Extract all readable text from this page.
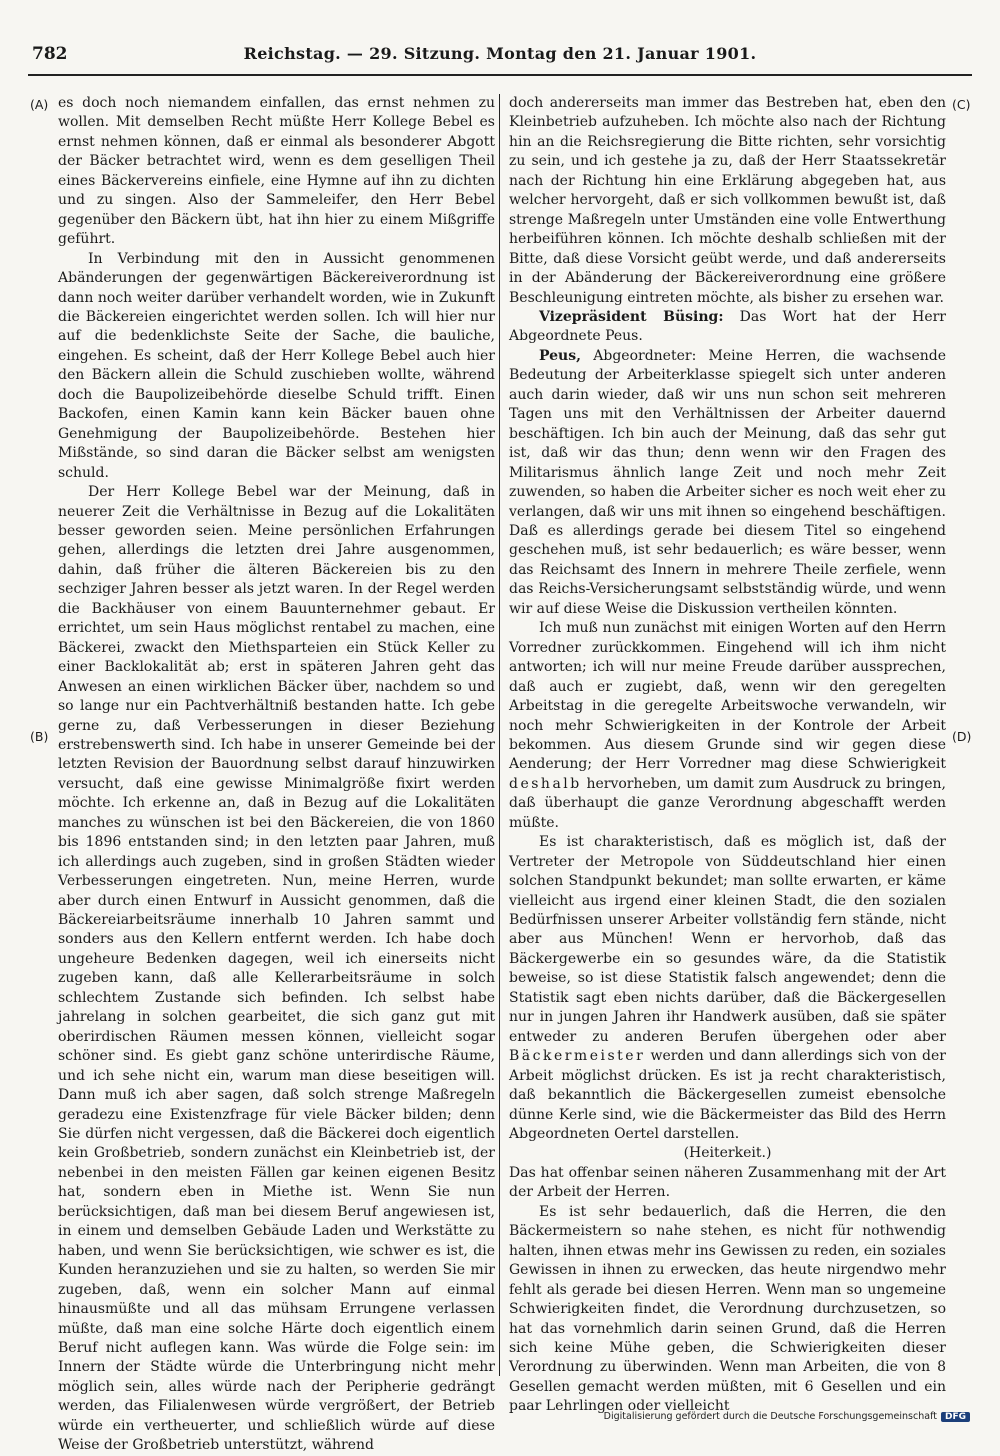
782	Reichstag. — 29. Sitzung. Montag den 21. Januar 1901.
(A)
(B)
(C)
(D)

es doch noch niemandem einfallen, das ernst nehmen zu wollen. Mit demselben Recht müßte Herr Kollege Bebel es ernst nehmen können, daß er einmal als besonderer Abgott der Bäcker betrachtet wird, wenn es dem geselligen Theil eines Bäckervereins einfiele, eine Hymne auf ihn zu dichten und zu singen. Also der Sammeleifer, den Herr Bebel gegenüber den Bäckern übt, hat ihn hier zu einem Mißgriffe geführt.

In Verbindung mit den in Aussicht genommenen Abänderungen der gegenwärtigen Bäckereiverordnung ist dann noch weiter darüber verhandelt worden, wie in Zukunft die Bäckereien eingerichtet werden sollen. Ich will hier nur auf die bedenklichste Seite der Sache, die bauliche, eingehen. Es scheint, daß der Herr Kollege Bebel auch hier den Bäckern allein die Schuld zuschieben wollte, während doch die Baupolizeibehörde dieselbe Schuld trifft. Einen Backofen, einen Kamin kann kein Bäcker bauen ohne Genehmigung der Baupolizeibehörde. Bestehen hier Mißstände, so sind daran die Bäcker selbst am wenigsten schuld.

Der Herr Kollege Bebel war der Meinung, daß in neuerer Zeit die Verhältnisse in Bezug auf die Lokalitäten besser geworden seien. Meine persönlichen Erfahrungen gehen, allerdings die letzten drei Jahre ausgenommen, dahin, daß früher die älteren Bäckereien bis zu den sechziger Jahren besser als jetzt waren. In der Regel werden die Backhäuser von einem Bauunternehmer gebaut. Er errichtet, um sein Haus möglichst rentabel zu machen, eine Bäckerei, zwackt den Miethsparteien ein Stück Keller zu einer Backlokalität ab; erst in späteren Jahren geht das Anwesen an einen wirklichen Bäcker über, nachdem so und so lange nur ein Pachtverhältniß bestanden hatte. Ich gebe gerne zu, daß Verbesserungen in dieser Beziehung erstrebenswerth sind. Ich habe in unserer Gemeinde bei der letzten Revision der Bauordnung selbst darauf hinzuwirken versucht, daß eine gewisse Minimalgröße fixirt werden möchte. Ich erkenne an, daß in Bezug auf die Lokalitäten manches zu wünschen ist bei den Bäckereien, die von 1860 bis 1896 entstanden sind; in den letzten paar Jahren, muß ich allerdings auch zugeben, sind in großen Städten wieder Verbesserungen eingetreten. Nun, meine Herren, wurde aber durch einen Entwurf in Aussicht genommen, daß die Bäckereiarbeitsräume innerhalb 10 Jahren sammt und sonders aus den Kellern entfernt werden. Ich habe doch ungeheure Bedenken dagegen, weil ich einerseits nicht zugeben kann, daß alle Kellerarbeitsräume in solch schlechtem Zustande sich befinden. Ich selbst habe jahrelang in solchen gearbeitet, die sich ganz gut mit oberirdischen Räumen messen können, vielleicht sogar schöner sind. Es giebt ganz schöne unterirdische Räume, und ich sehe nicht ein, warum man diese beseitigen will. Dann muß ich aber sagen, daß solch strenge Maßregeln geradezu eine Existenzfrage für viele Bäcker bilden; denn Sie dürfen nicht vergessen, daß die Bäckerei doch eigentlich kein Großbetrieb, sondern zunächst ein Kleinbetrieb ist, der nebenbei in den meisten Fällen gar keinen eigenen Besitz hat, sondern eben in Miethe ist. Wenn Sie nun berücksichtigen, daß man bei diesem Beruf angewiesen ist, in einem und demselben Gebäude Laden und Werkstätte zu haben, und wenn Sie berücksichtigen, wie schwer es ist, die Kunden heranzuziehen und sie zu halten, so werden Sie mir zugeben, daß, wenn ein solcher Mann auf einmal hinausmüßte und all das mühsam Errungene verlassen müßte, daß man eine solche Härte doch eigentlich einem Beruf nicht auflegen kann. Was würde die Folge sein: im Innern der Städte würde die Unterbringung nicht mehr möglich sein, alles würde nach der Peripherie gedrängt werden, das Filialenwesen würde vergrößert, der Betrieb würde ein vertheuerter, und schließlich würde auf diese Weise der Großbetrieb unterstützt, während

doch andererseits man immer das Bestreben hat, eben den Kleinbetrieb aufzuheben. Ich möchte also nach der Richtung hin an die Reichsregierung die Bitte richten, sehr vorsichtig zu sein, und ich gestehe ja zu, daß der Herr Staatssekretär nach der Richtung hin eine Erklärung abgegeben hat, aus welcher hervorgeht, daß er sich vollkommen bewußt ist, daß strenge Maßregeln unter Umständen eine volle Entwerthung herbeiführen können. Ich möchte deshalb schließen mit der Bitte, daß diese Vorsicht geübt werde, und daß andererseits in der Abänderung der Bäckereiverordnung eine größere Beschleunigung eintreten möchte, als bisher zu ersehen war.

Vizepräsident Büsing: Das Wort hat der Herr Abgeordnete Peus.

Peus, Abgeordneter: Meine Herren, die wachsende Bedeutung der Arbeiterklasse spiegelt sich unter anderen auch darin wieder, daß wir uns nun schon seit mehreren Tagen uns mit den Verhältnissen der Arbeiter dauernd beschäftigen. Ich bin auch der Meinung, daß das sehr gut ist, daß wir das thun; denn wenn wir den Fragen des Militarismus ähnlich lange Zeit und noch mehr Zeit zuwenden, so haben die Arbeiter sicher es noch weit eher zu verlangen, daß wir uns mit ihnen so eingehend beschäftigen. Daß es allerdings gerade bei diesem Titel so eingehend geschehen muß, ist sehr bedauerlich; es wäre besser, wenn das Reichsamt des Innern in mehrere Theile zerfiele, wenn das Reichs-Versicherungsamt selbstständig würde, und wenn wir auf diese Weise die Diskussion vertheilen könnten.

Ich muß nun zunächst mit einigen Worten auf den Herrn Vorredner zurückkommen. Eingehend will ich ihm nicht antworten; ich will nur meine Freude darüber aussprechen, daß auch er zugiebt, daß, wenn wir den geregelten Arbeitstag in die geregelte Arbeitswoche verwandeln, wir noch mehr Schwierigkeiten in der Kontrole der Arbeit bekommen. Aus diesem Grunde sind wir gegen diese Aenderung; der Herr Vorredner mag diese Schwierigkeit deshalb hervorheben, um damit zum Ausdruck zu bringen, daß überhaupt die ganze Verordnung abgeschafft werden müßte.

Es ist charakteristisch, daß es möglich ist, daß der Vertreter der Metropole von Süddeutschland hier einen solchen Standpunkt bekundet; man sollte erwarten, er käme vielleicht aus irgend einer kleinen Stadt, die den sozialen Bedürfnissen unserer Arbeiter vollständig fern stände, nicht aber aus München! Wenn er hervorhob, daß das Bäckergewerbe ein so gesundes wäre, da die Statistik beweise, so ist diese Statistik falsch angewendet; denn die Statistik sagt eben nichts darüber, daß die Bäckergesellen nur in jungen Jahren ihr Handwerk ausüben, daß sie später entweder zu anderen Berufen übergehen oder aber Bäckermeister werden und dann allerdings sich von der Arbeit möglichst drücken. Es ist ja recht charakteristisch, daß bekanntlich die Bäckergesellen zumeist ebensolche dünne Kerle sind, wie die Bäckermeister das Bild des Herrn Abgeordneten Oertel darstellen.

(Heiterkeit.)

Das hat offenbar seinen näheren Zusammenhang mit der Art der Arbeit der Herren.

Es ist sehr bedauerlich, daß die Herren, die den Bäckermeistern so nahe stehen, es nicht für nothwendig halten, ihnen etwas mehr ins Gewissen zu reden, ein soziales Gewissen in ihnen zu erwecken, das heute nirgendwo mehr fehlt als gerade bei diesen Herren. Wenn man so ungemeine Schwierigkeiten findet, die Verordnung durchzusetzen, so hat das vornehmlich darin seinen Grund, daß die Herren sich keine Mühe geben, die Schwierigkeiten dieser Verordnung zu überwinden. Wenn man Arbeiten, die von 8 Gesellen gemacht werden müßten, mit 6 Gesellen und ein paar Lehrlingen oder vielleicht

Digitalisierung gefördert durch die Deutsche Forschungsgemeinschaft DFG
